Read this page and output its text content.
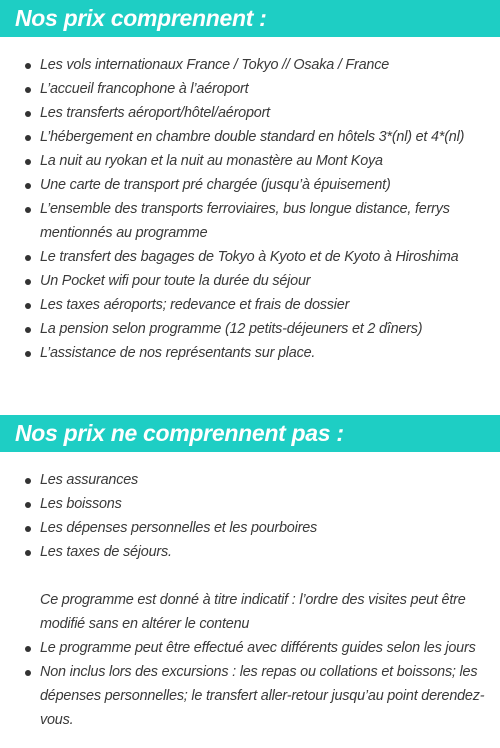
Nos prix comprennent :
Les vols internationaux France / Tokyo // Osaka / France
L’accueil francophone à l’aéroport
Les transferts aéroport/hôtel/aéroport
L’hébergement en chambre double standard en hôtels 3*(nl) et 4*(nl)
La nuit au ryokan et la nuit au monastère au Mont Koya
Une carte de transport pré chargée (jusqu’à épuisement)
L’ensemble des transports ferroviaires, bus longue distance, ferrys mentionnés au programme
Le transfert des bagages de Tokyo à Kyoto et de Kyoto à Hiroshima
Un Pocket wifi pour toute la durée du séjour
Les taxes aéroports; redevance et frais de dossier
La pension selon programme (12 petits-déjeuners et 2 dîners)
L’assistance de nos représentants sur place.
Nos prix ne comprennent pas :
Les assurances
Les boissons
Les dépenses personnelles et les pourboires
Les taxes de séjours.

Ce programme est donné à titre indicatif : l’ordre des visites peut être modifié sans en altérer le contenu

Le programme peut être effectué avec différents guides selon les jours
Non inclus lors des excursions : les repas ou collations et boissons; les dépenses personnelles; le transfert aller-retour jusqu’au point derendez-vous.
